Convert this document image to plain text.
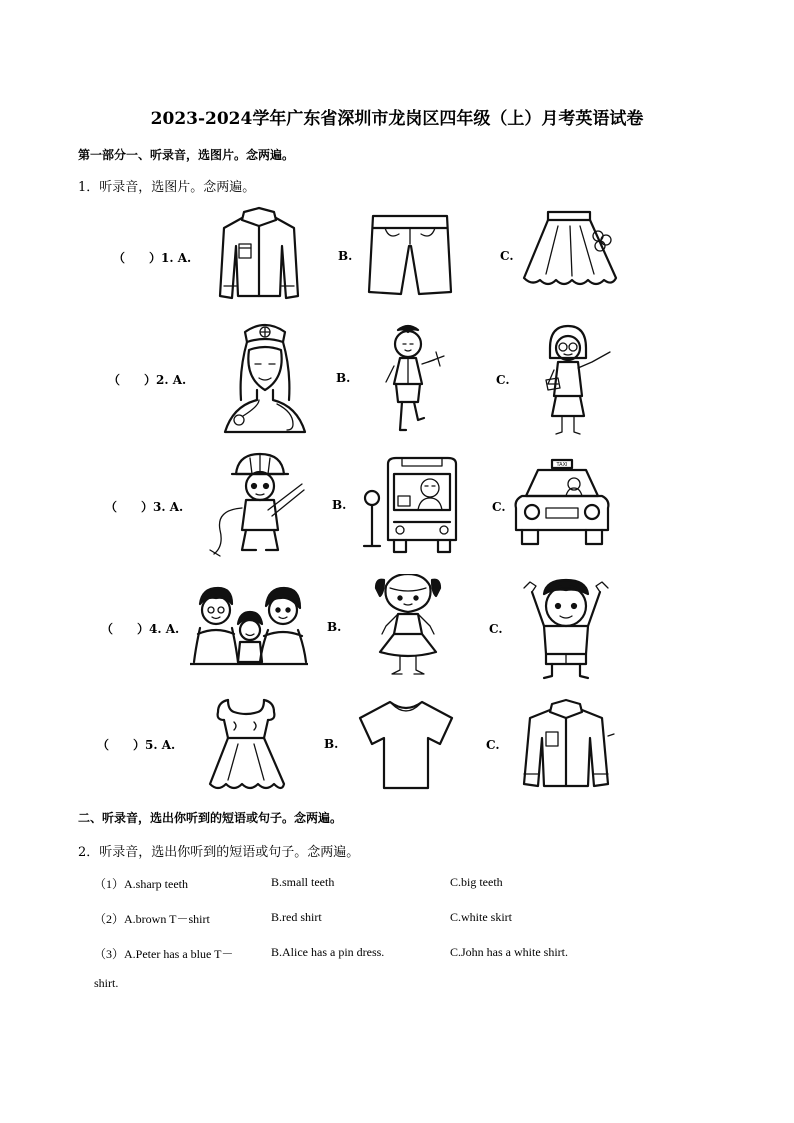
2023-2024学年广东省深圳市龙岗区四年级（上）月考英语试卷
第一部分一、听录音，选图片。念两遍。
1．听录音，选图片。念两遍。
（　　）1. A.	B.	C.
（　　）2. A.	B.	C.
（　　）3. A.	B.	C.
TAXI
（　　）4. A.	B.	C.
（　　）5. A.	B.	C.
二、听录音，选出你听到的短语或句子。念两遍。
2．听录音，选出你听到的短语或句子。念两遍。
（1）A.sharp teeth	B.small teeth	C.big teeth
（2）A.brown T－shirt	B.red shirt	C.white skirt
（3）A.Peter has a blue T－	B.Alice has a pin dress.	C.John has a white shirt.
shirt.
